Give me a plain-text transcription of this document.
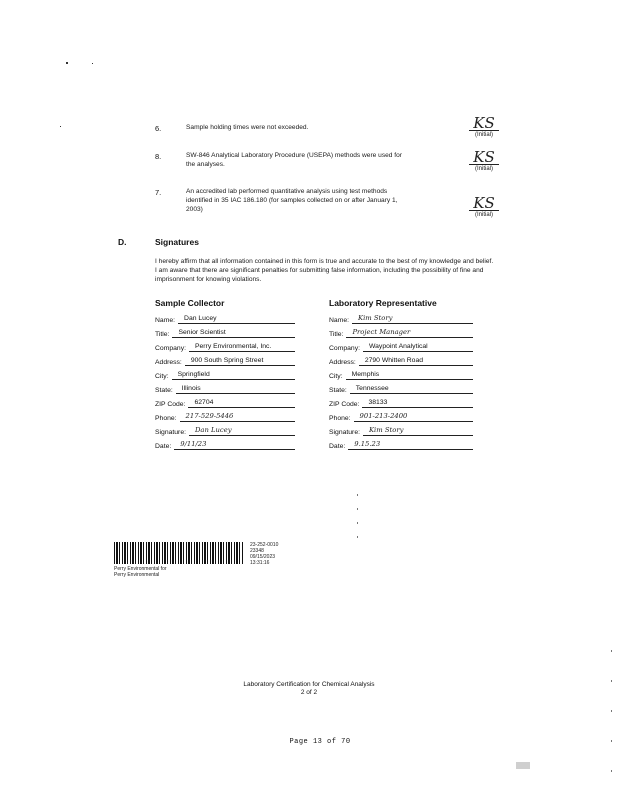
6.	Sample holding times were not exceeded.	KS
(Initial)
8.	SW-846 Analytical Laboratory Procedure (USEPA) methods were used for the analyses.	KS
(Initial)
7.	An accredited lab performed quantitative analysis using test methods identified in 35 IAC 186.180 (for samples collected on or after January 1, 2003)	KS
(Initial)
D.	Signatures
I hereby affirm that all information contained in this form is true and accurate to the best of my knowledge and belief. I am aware that there are significant penalties for submitting false information, including the possibility of fine and imprisonment for knowing violations.
Sample Collector	Laboratory Representative
Name:	Dan Lucey
Title:	Senior Scientist
Company:	Perry Environmental, Inc.
Address:	900 South Spring Street
City:	Springfield
State:	Illinois
ZIP Code:	62704
Phone:	217-529-5446
Signature:	Dan Lucey
Date:	9/11/23
Name:	Kim Story
Title:	Project Manager
Company:	Waypoint Analytical
Address:	2790 Whitten Road
City:	Memphis
State:	Tennessee
ZIP Code:	38133
Phone:	901-213-2400
Signature:	Kim Story
Date:	9.15.23
Perry Environmental for
Perry Environmental
23-252-0010
23348
09/15/2023
13:31:16
Laboratory Certification for Chemical Analysis
2 of 2
Page 13 of 70
